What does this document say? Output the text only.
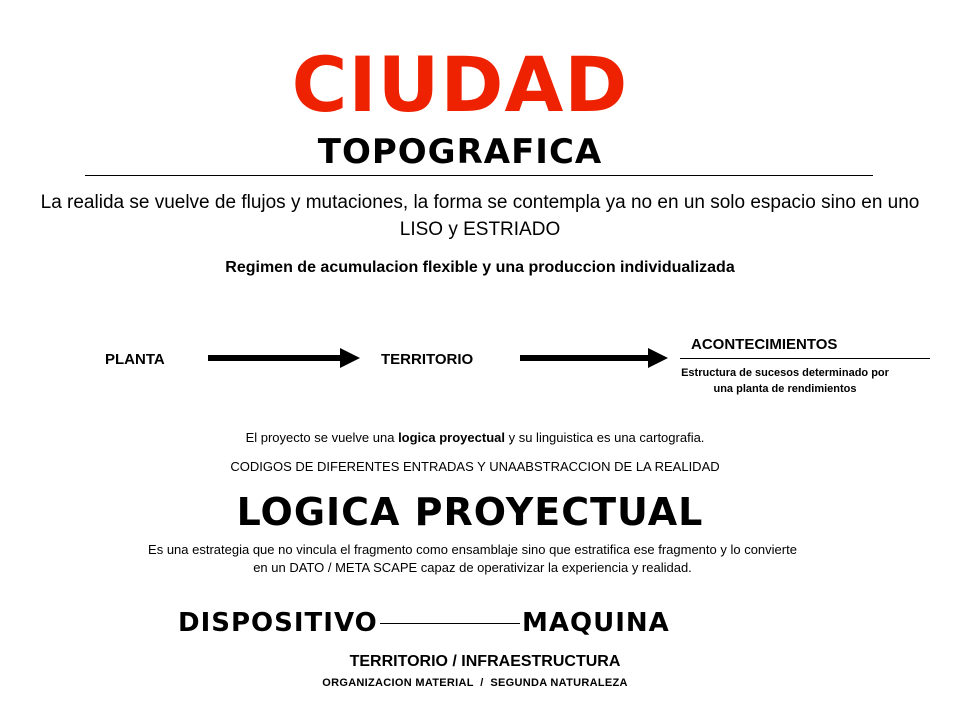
CIUDAD
TOPOGRAFICA
La realida se vuelve de flujos y mutaciones, la forma se contempla ya no en un solo espacio sino en uno LISO y ESTRIADO
Regimen de acumulacion flexible y una produccion individualizada
PLANTA	TERRITORIO
ACONTECIMIENTOS
Estructura de sucesos determinado por una planta de rendimientos
El proyecto se vuelve una logica proyectual y su linguistica es una cartografia.
CODIGOS DE DIFERENTES ENTRADAS Y UNAABSTRACCION DE LA REALIDAD
LOGICA PROYECTUAL
Es una estrategia que no vincula el fragmento como ensamblaje sino que estratifica ese fragmento y lo convierte en un DATO / META SCAPE capaz de operativizar la experiencia y realidad.
DISPOSITIVO	MAQUINA
TERRITORIO / INFRAESTRUCTURA
ORGANIZACION MATERIAL  /  SEGUNDA NATURALEZA
